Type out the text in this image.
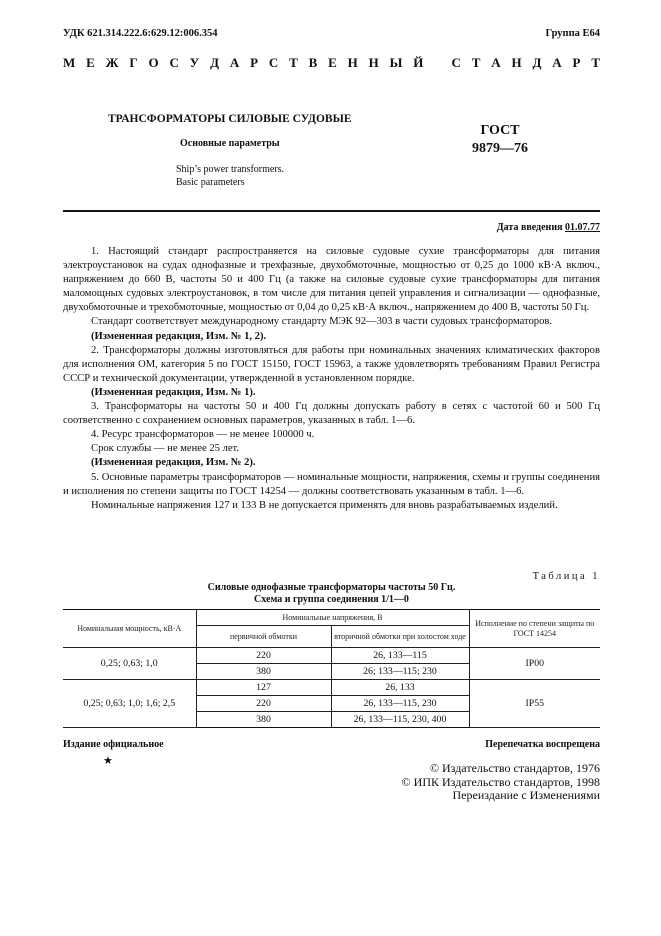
УДК 621.314.222.6:629.12:006.354	Группа Е64
М Е Ж Г О С У Д А Р С Т В Е Н Н Ы Й
С Т А Н Д А Р Т
ТРАНСФОРМАТОРЫ СИЛОВЫЕ СУДОВЫЕ
Основные параметры
Ship’s power transformers.
Basic parameters
ГОСТ
9879—76
Дата введения 01.07.77

1. Настоящий стандарт распространяется на силовые судовые сухие трансформаторы для питания электроустановок на судах однофазные и трехфазные, двухобмоточные, мощностью от 0,25 до 1000 кВ·А включ., напряжением до 660 В, частоты 50 и 400 Гц (а также на силовые судовые сухие трансформаторы для питания маломощных судовых электроустановок, в том числе для питания цепей управления и сигнализации — однофазные, двухобмоточные и трехобмоточные, мощностью от 0,04 до 0,25 кВ·А включ., напряжением до 400 В, частоты 50 Гц.

Стандарт соответствует международному стандарту МЭК 92—303 в части судовых трансформаторов.

(Измененная редакция, Изм. № 1, 2).

2. Трансформаторы должны изготовляться для работы при номинальных значениях климатических факторов для исполнения ОМ, категория 5 по ГОСТ 15150, ГОСТ 15963, а также удовлетворять требованиям Правил Регистра СССР и технической документации, утвержденной в установленном порядке.

(Измененная редакция, Изм. № 1).

3. Трансформаторы на частоты 50 и 400 Гц должны допускать работу в сетях с частотой 60 и 500 Гц соответственно с сохранением основных параметров, указанных в табл. 1—6.

4. Ресурс трансформаторов — не менее 100000 ч.

Срок службы — не менее 25 лет.

(Измененная редакция, Изм. № 2).

5. Основные параметры трансформаторов — номинальные мощности, напряжения, схемы и группы соединения и исполнения по степени защиты по ГОСТ 14254 — должны соответствовать указанным в табл. 1—6.

Номинальные напряжения 127 и 133 В не допускается применять для вновь разрабатываемых изделий.

Таблица 1
Силовые однофазные трансформаторы частоты 50 Гц.
Схема и группа соединения 1/1—0
Номинальная мощность, кВ·А	Номинальные напряжения, В		Исполнение по степени защиты по ГОСТ 14254
	первичной обмотки	вторичной обмотки при холостом ходе	
0,25; 0,63; 1,0	220	26, 133—115	IP00
	380	26; 133—115; 230	
0,25; 0,63; 1,0; 1,6; 2,5	127	26, 133	IP55
	220	26, 133—115, 230	
	380	26, 133—115, 230, 400	
Издание официальное
★
Перепечатка воспрещена
© Издательство стандартов, 1976
© ИПК Издательство стандартов, 1998
Переиздание с Изменениями
